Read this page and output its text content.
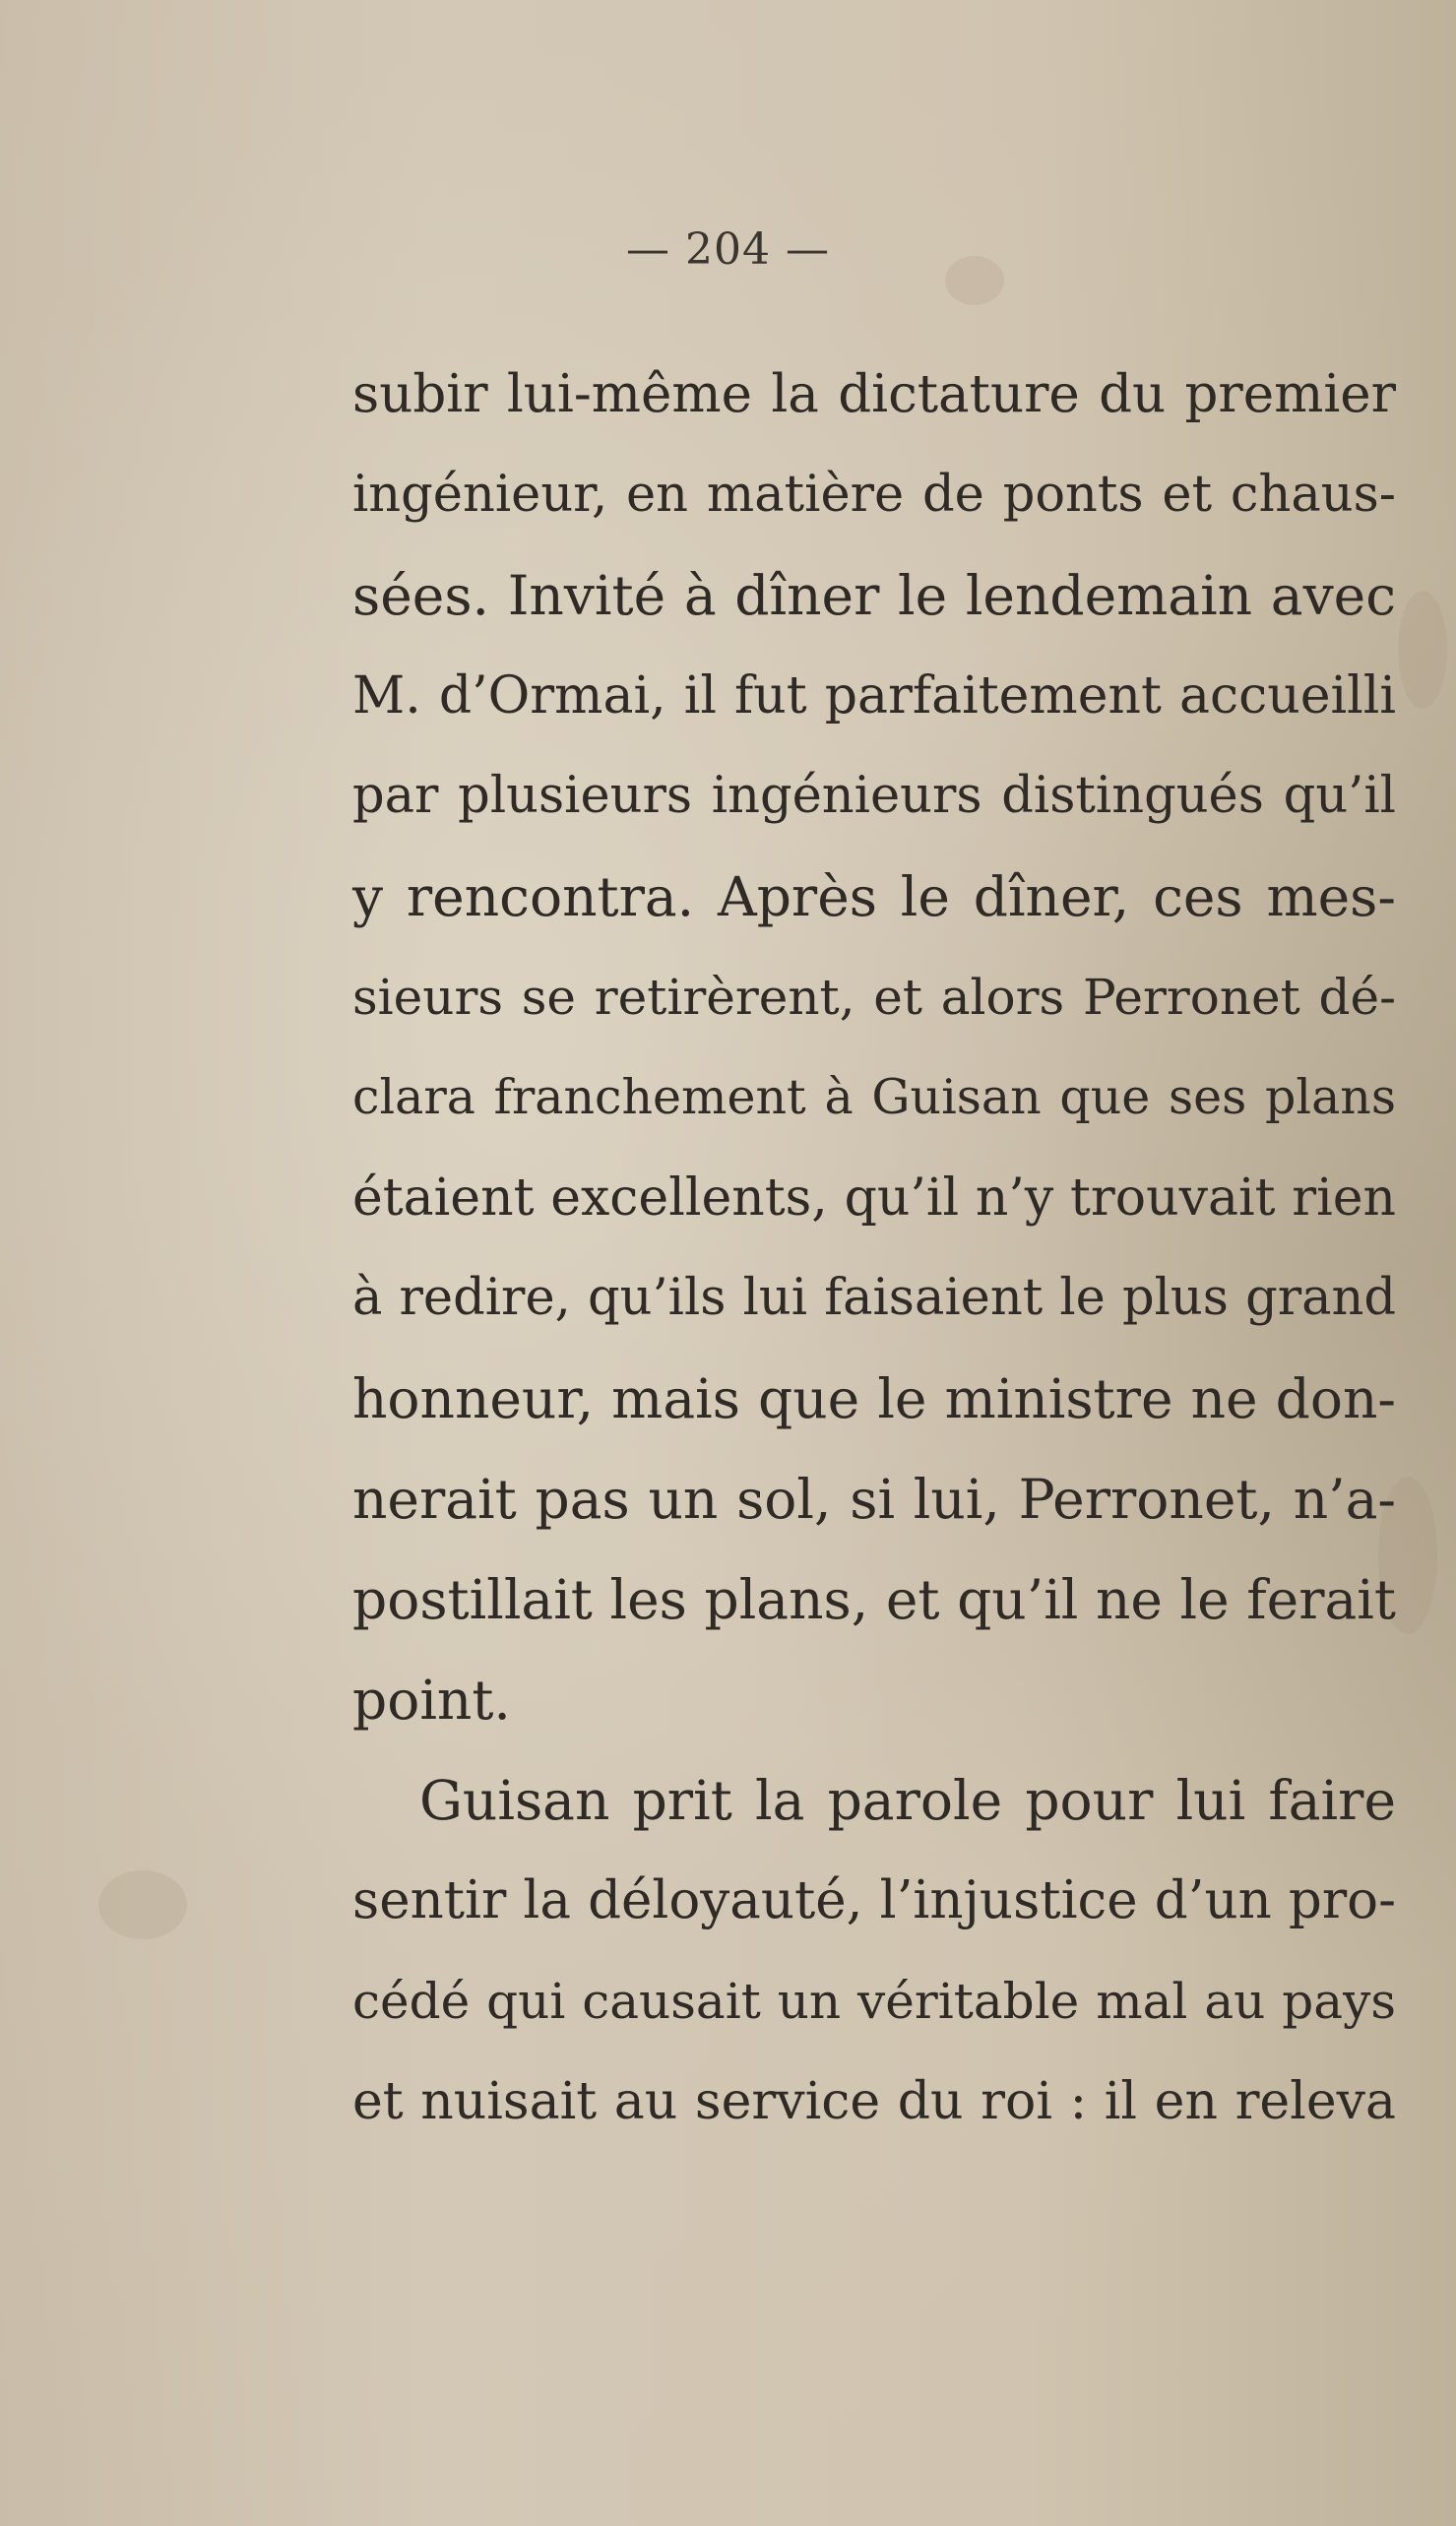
— 204 —
subir lui-même la dictature du premier
ingénieur, en matière de ponts et chaus-
sées. Invité à dîner le lendemain avec
M. d’Ormai, il fut parfaitement accueilli
par plusieurs ingénieurs distingués qu’il
y rencontra. Après le dîner, ces mes-
sieurs se retirèrent, et alors Perronet dé-
clara franchement à Guisan que ses plans
étaient excellents, qu’il n’y trouvait rien
à redire, qu’ils lui faisaient le plus grand
honneur, mais que le ministre ne don-
nerait pas un sol, si lui, Perronet, n’a-
postillait les plans, et qu’il ne le ferait
point.
Guisan prit la parole pour lui faire
sentir la déloyauté, l’injustice d’un pro-
cédé qui causait un véritable mal au pays
et nuisait au service du roi : il en releva
